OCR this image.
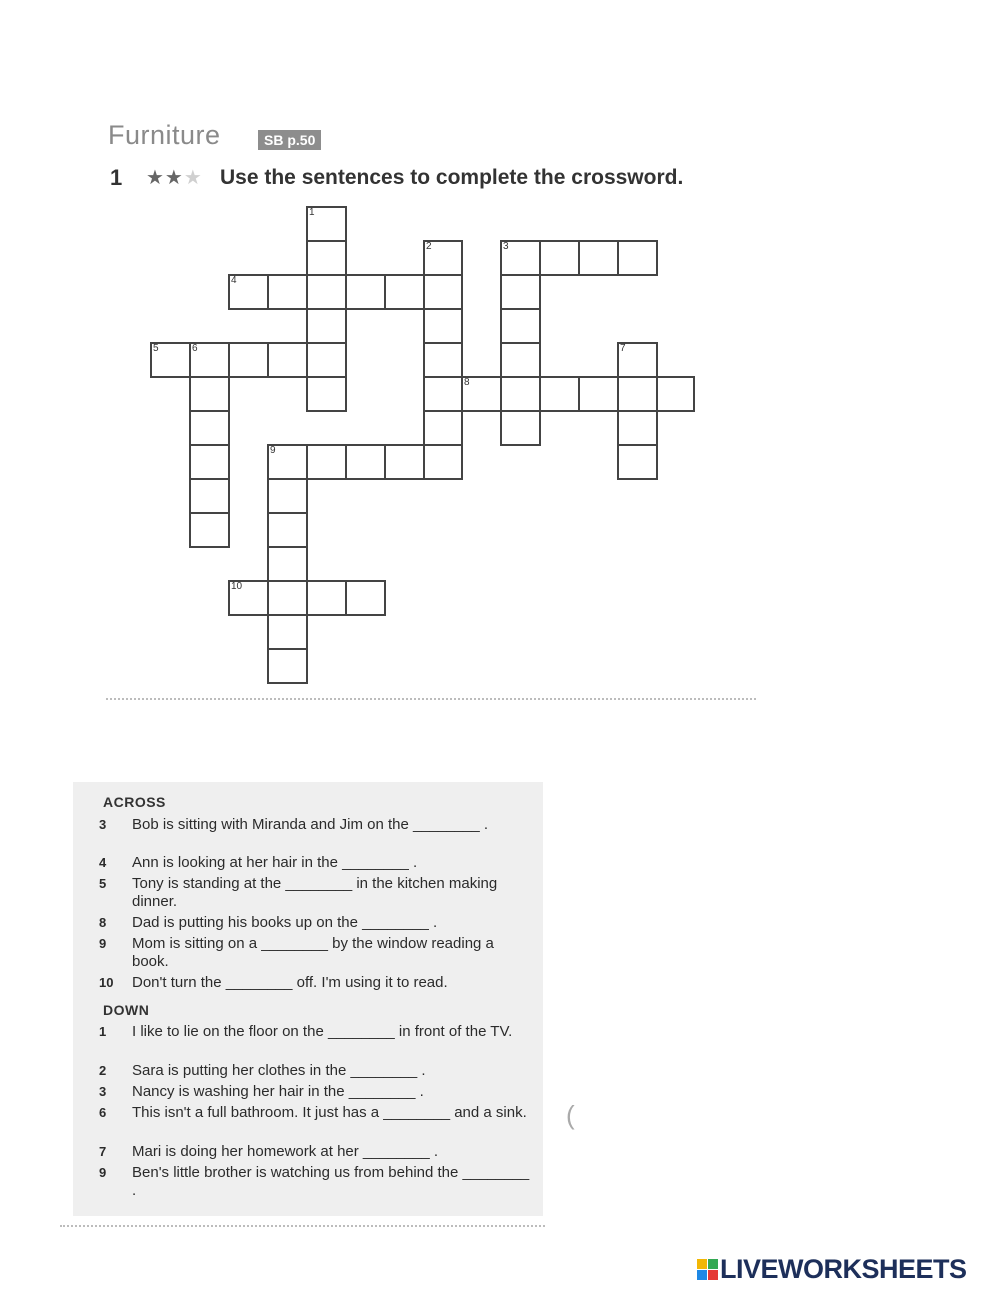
Furniture	SB p.50
1 ★★★ Use the sentences to complete the crossword.
1
2	3
4
5	6	7
8
9
10
ACROSS
3	Bob is sitting with Miranda and Jim on the ________ .
4	Ann is looking at her hair in the ________ .
5	Tony is standing at the ________ in the kitchen making dinner.
8	Dad is putting his books up on the ________ .
9	Mom is sitting on a ________ by the window reading a book.
10	Don't turn the ________ off. I'm using it to read.
DOWN
1	I like to lie on the floor on the ________ in front of the TV.
2	Sara is putting her clothes in the ________ .
3	Nancy is washing her hair in the ________ .
6	This isn't a full bathroom. It just has a ________ and a sink.
7	Mari is doing her homework at her ________ .
9	Ben's little brother is watching us from behind the ________ .
(
LIVEWORKSHEETS
